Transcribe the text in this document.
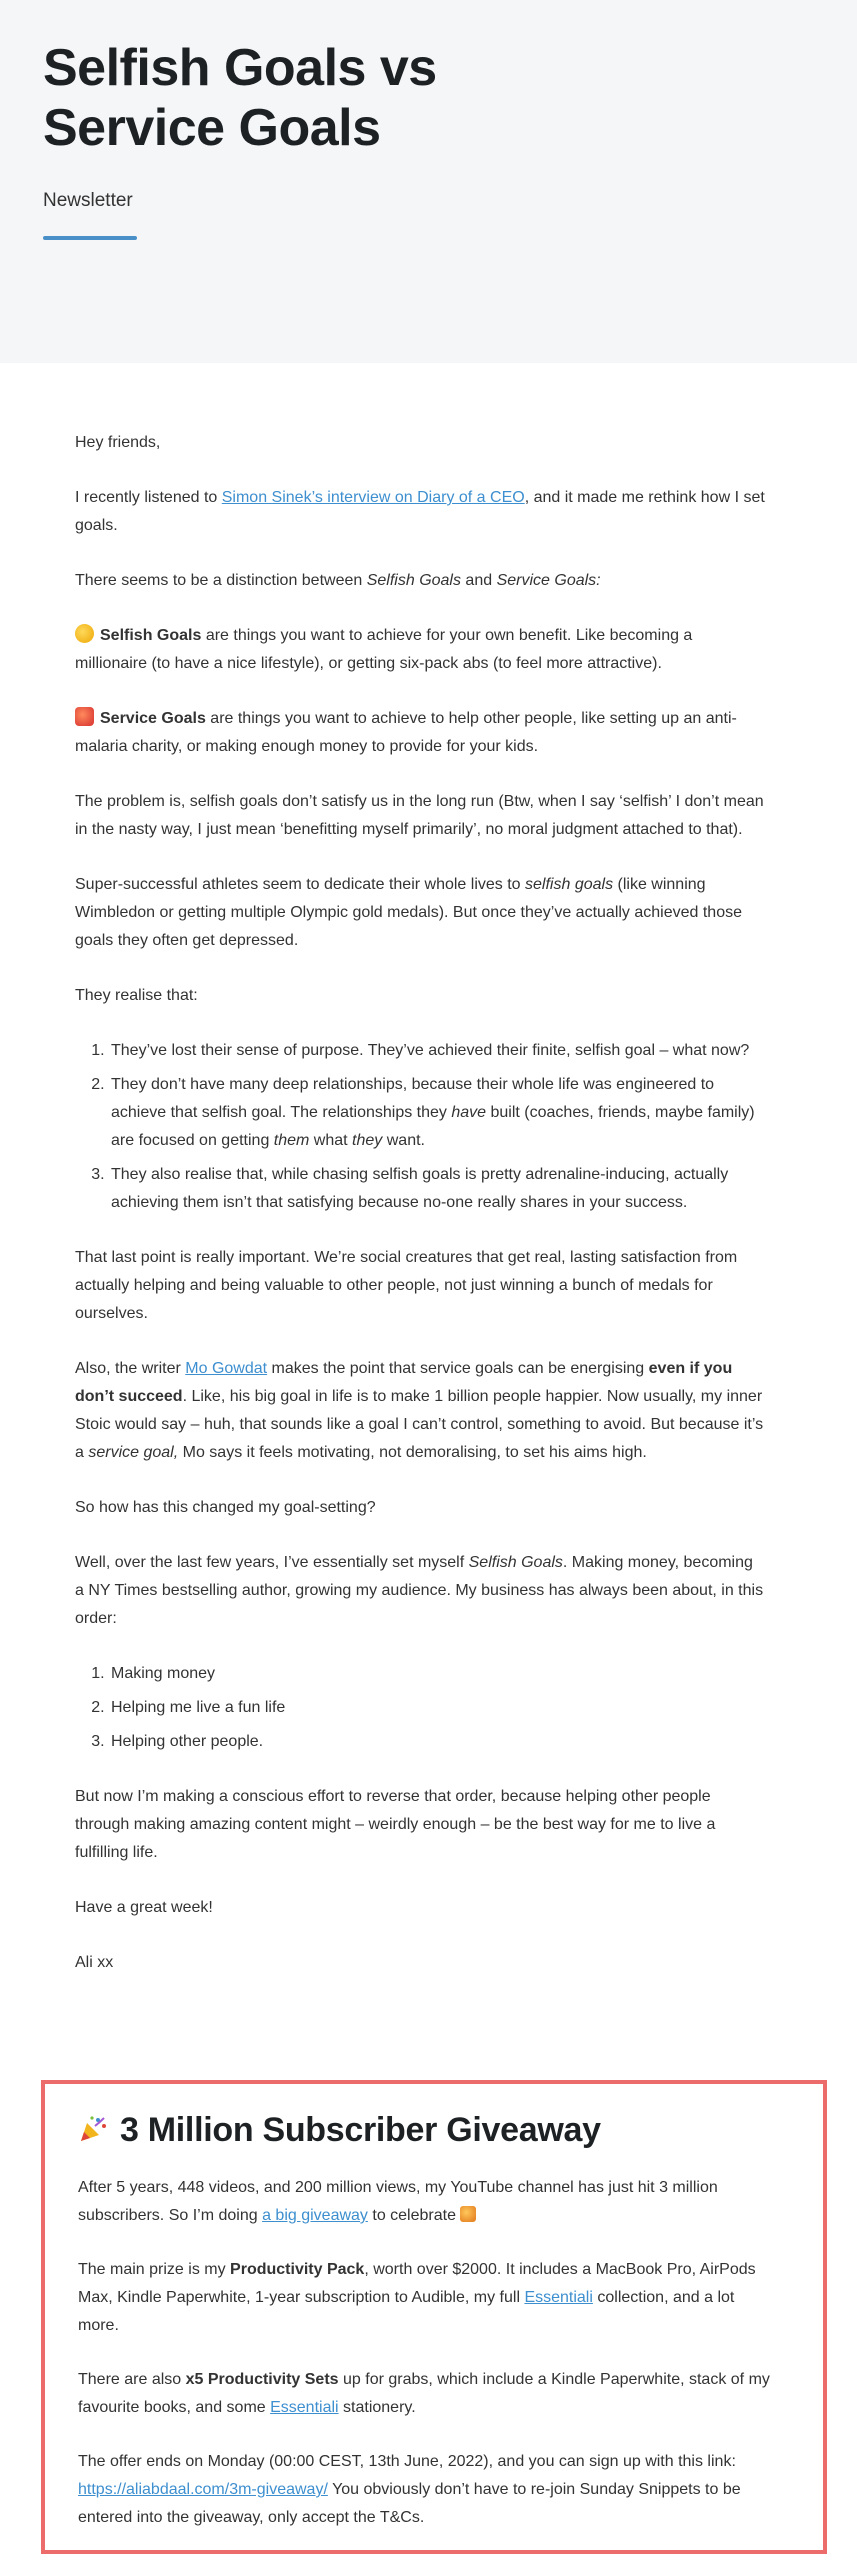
Selfish Goals vs
Service Goals
Newsletter

Hey friends,

I recently listened to Simon Sinek’s interview on Diary of a CEO, and it made me rethink how I set goals.

There seems to be a distinction between Selfish Goals and Service Goals:

Selfish Goals are things you want to achieve for your own benefit. Like becoming a millionaire (to have a nice lifestyle), or getting six-pack abs (to feel more attractive).

Service Goals are things you want to achieve to help other people, like setting up an anti-malaria charity, or making enough money to provide for your kids.

The problem is, selfish goals don’t satisfy us in the long run (Btw, when I say ‘selfish’ I don’t mean in the nasty way, I just mean ‘benefitting myself primarily’, no moral judgment attached to that).

Super-successful athletes seem to dedicate their whole lives to selfish goals (like winning Wimbledon or getting multiple Olympic gold medals). But once they’ve actually achieved those goals they often get depressed.

They realise that:

1. They’ve lost their sense of purpose. They’ve achieved their finite, selfish goal – what now?
2. They don’t have many deep relationships, because their whole life was engineered to achieve that selfish goal. The relationships they have built (coaches, friends, maybe family) are focused on getting them what they want.
3. They also realise that, while chasing selfish goals is pretty adrenaline-inducing, actually achieving them isn’t that satisfying because no-one really shares in your success.

That last point is really important. We’re social creatures that get real, lasting satisfaction from actually helping and being valuable to other people, not just winning a bunch of medals for ourselves.

Also, the writer Mo Gowdat makes the point that service goals can be energising even if you don’t succeed. Like, his big goal in life is to make 1 billion people happier. Now usually, my inner Stoic would say – huh, that sounds like a goal I can’t control, something to avoid. But because it’s a service goal, Mo says it feels motivating, not demoralising, to set his aims high.

So how has this changed my goal-setting?

Well, over the last few years, I’ve essentially set myself Selfish Goals. Making money, becoming a NY Times bestselling author, growing my audience. My business has always been about, in this order:

1. Making money
2. Helping me live a fun life
3. Helping other people.

But now I’m making a conscious effort to reverse that order, because helping other people through making amazing content might – weirdly enough – be the best way for me to live a fulfilling life.

Have a great week!

Ali xx

3 Million Subscriber Giveaway

After 5 years, 448 videos, and 200 million views, my YouTube channel has just hit 3 million subscribers. So I’m doing a big giveaway to celebrate

The main prize is my Productivity Pack, worth over $2000. It includes a MacBook Pro, AirPods Max, Kindle Paperwhite, 1-year subscription to Audible, my full Essentiali collection, and a lot more.

There are also x5 Productivity Sets up for grabs, which include a Kindle Paperwhite, stack of my favourite books, and some Essentiali stationery.

The offer ends on Monday (00:00 CEST, 13th June, 2022), and you can sign up with this link: https://aliabdaal.com/3m-giveaway/ You obviously don’t have to re-join Sunday Snippets to be entered into the giveaway, only accept the T&Cs.
